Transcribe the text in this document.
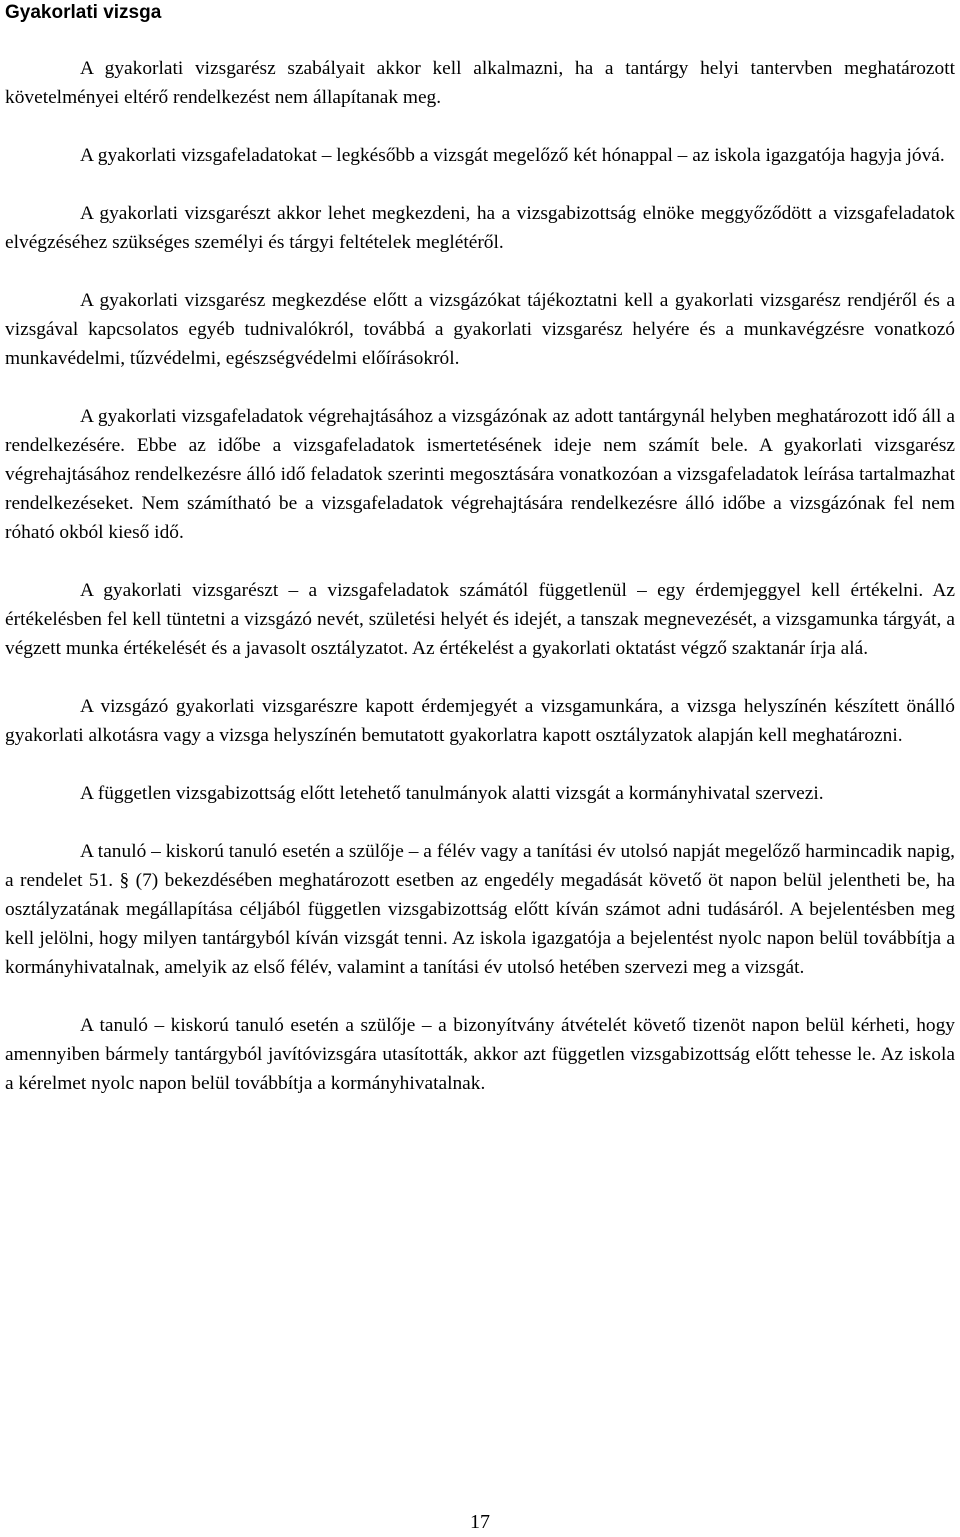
Gyakorlati vizsga

A gyakorlati vizsgarész szabályait akkor kell alkalmazni, ha a tantárgy helyi tantervben meghatározott követelményei eltérő rendelkezést nem állapítanak meg.

A gyakorlati vizsgafeladatokat – legkésőbb a vizsgát megelőző két hónappal – az iskola igazgatója hagyja jóvá.

A gyakorlati vizsgarészt akkor lehet megkezdeni, ha a vizsgabizottság elnöke meggyőződött a vizsgafeladatok elvégzéséhez szükséges személyi és tárgyi feltételek meglétéről.

A gyakorlati vizsgarész megkezdése előtt a vizsgázókat tájékoztatni kell a gyakorlati vizsgarész rendjéről és a vizsgával kapcsolatos egyéb tudnivalókról, továbbá a gyakorlati vizsgarész helyére és a munkavégzésre vonatkozó munkavédelmi, tűzvédelmi, egészségvédelmi előírásokról.

A gyakorlati vizsgafeladatok végrehajtásához a vizsgázónak az adott tantárgynál helyben meghatározott idő áll a rendelkezésére. Ebbe az időbe a vizsgafeladatok ismertetésének ideje nem számít bele. A gyakorlati vizsgarész végrehajtásához rendelkezésre álló idő feladatok szerinti megosztására vonatkozóan a vizsgafeladatok leírása tartalmazhat rendelkezéseket. Nem számítható be a vizsgafeladatok végrehajtására rendelkezésre álló időbe a vizsgázónak fel nem róható okból kieső idő.

A gyakorlati vizsgarészt – a vizsgafeladatok számától függetlenül – egy érdemjeggyel kell értékelni. Az értékelésben fel kell tüntetni a vizsgázó nevét, születési helyét és idejét, a tanszak megnevezését, a vizsgamunka tárgyát, a végzett munka értékelését és a javasolt osztályzatot. Az értékelést a gyakorlati oktatást végző szaktanár írja alá.

A vizsgázó gyakorlati vizsgarészre kapott érdemjegyét a vizsgamunkára, a vizsga helyszínén készített önálló gyakorlati alkotásra vagy a vizsga helyszínén bemutatott gyakorlatra kapott osztályzatok alapján kell meghatározni.

A független vizsgabizottság előtt letehető tanulmányok alatti vizsgát a kormányhivatal szervezi.

A tanuló – kiskorú tanuló esetén a szülője – a félév vagy a tanítási év utolsó napját megelőző harmincadik napig, a rendelet 51. § (7) bekezdésében meghatározott esetben az engedély megadását követő öt napon belül jelentheti be, ha osztályzatának megállapítása céljából független vizsgabizottság előtt kíván számot adni tudásáról. A bejelentésben meg kell jelölni, hogy milyen tantárgyból kíván vizsgát tenni. Az iskola igazgatója a bejelentést nyolc napon belül továbbítja a kormányhivatalnak, amelyik az első félév, valamint a tanítási év utolsó hetében szervezi meg a vizsgát.

A tanuló – kiskorú tanuló esetén a szülője – a bizonyítvány átvételét követő tizenöt napon belül kérheti, hogy amennyiben bármely tantárgyból javítóvizsgára utasították, akkor azt független vizsgabizottság előtt tehesse le. Az iskola a kérelmet nyolc napon belül továbbítja a kormányhivatalnak.

17
